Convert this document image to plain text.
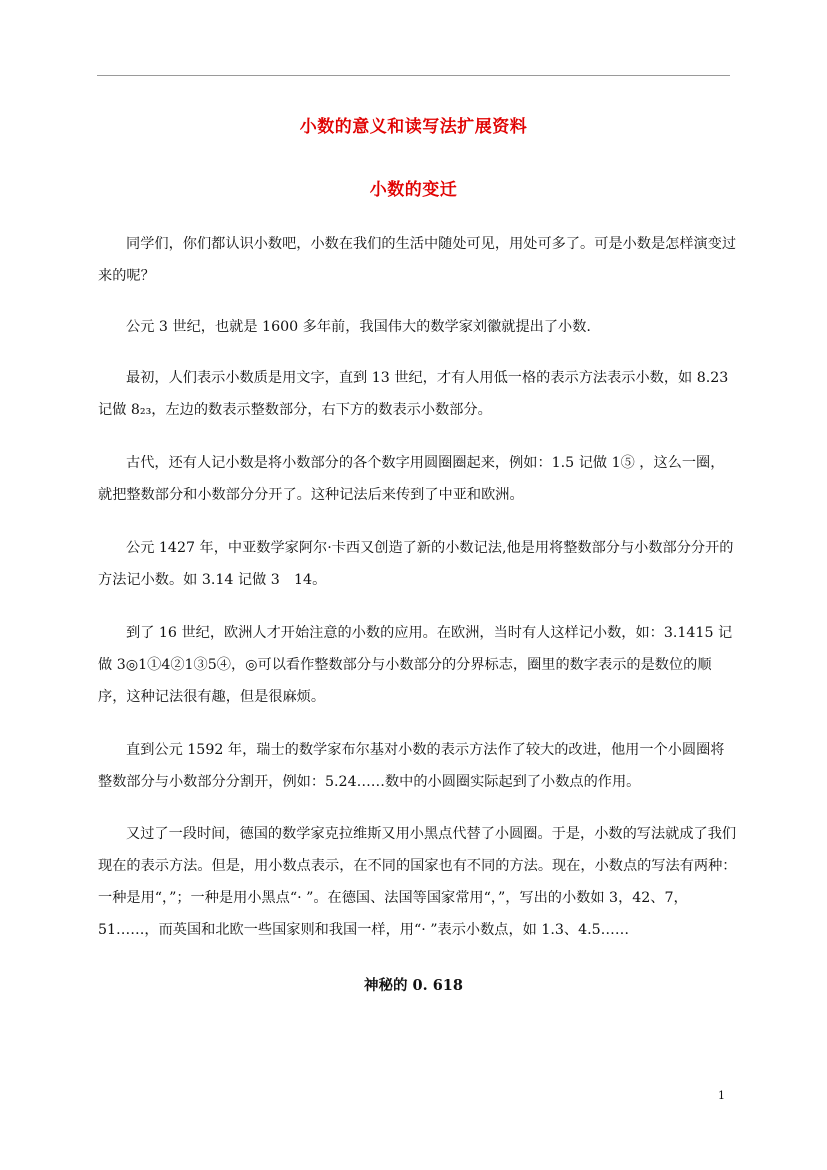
小数的意义和读写法扩展资料
小数的变迁

同学们，你们都认识小数吧，小数在我们的生活中随处可见，用处可多了。可是小数是怎样演变过来的呢？

公元 3 世纪，也就是 1600 多年前，我国伟大的数学家刘徽就提出了小数.

最初，人们表示小数质是用文字，直到 13 世纪，才有人用低一格的表示方法表示小数，如 8.23 记做 8₂₃，左边的数表示整数部分，右下方的数表示小数部分。

古代，还有人记小数是将小数部分的各个数字用圆圈圈起来，例如：1.5 记做 1⑤ ，这么一圈，就把整数部分和小数部分分开了。这种记法后来传到了中亚和欧洲。

公元 1427 年，中亚数学家阿尔·卡西又创造了新的小数记法,他是用将整数部分与小数部分分开的方法记小数。如 3.14 记做 3　14。

到了 16 世纪，欧洲人才开始注意的小数的应用。在欧洲，当时有人这样记小数，如：3.1415 记做 3◎1①4②1③5④，◎可以看作整数部分与小数部分的分界标志，圈里的数字表示的是数位的顺序，这种记法很有趣，但是很麻烦。

直到公元 1592 年，瑞士的数学家布尔基对小数的表示方法作了较大的改进，他用一个小圆圈将整数部分与小数部分分割开，例如：5.24……数中的小圆圈实际起到了小数点的作用。

又过了一段时间，德国的数学家克拉维斯又用小黑点代替了小圆圈。于是，小数的写法就成了我们现在的表示方法。但是，用小数点表示，在不同的国家也有不同的方法。现在，小数点的写法有两种：一种是用“，”；一种是用小黑点“· ”。在德国、法国等国家常用“，”，写出的小数如 3，42、7，51……，而英国和北欧一些国家则和我国一样，用“· ”表示小数点，如 1.3、4.5……

神秘的 0. 618
1
